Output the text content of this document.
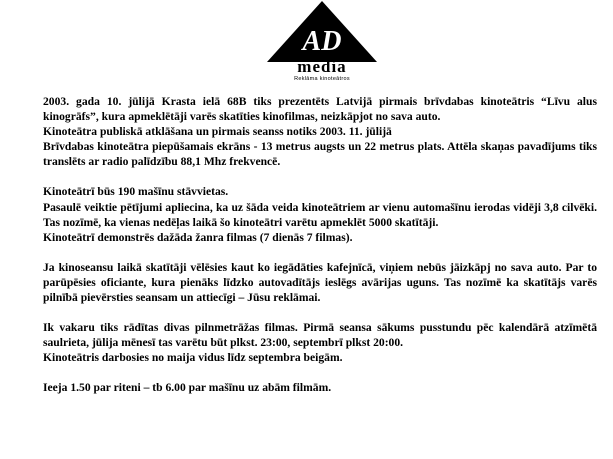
AD
media
Reklāma kinoteātros

2003. gada 10. jūlijā Krasta ielā 68B tiks prezentēts Latvijā pirmais brīvdabas kinoteātris “Līvu alus kinogrāfs”, kura apmeklētāji varēs skatīties kinofilmas, neizkāpjot no sava auto.

Kinoteātra publiskā atklāšana un pirmais seanss notiks 2003. 11. jūlijā

Brīvdabas kinoteātra piepūšamais ekrāns - 13 metrus augsts un 22 metrus plats. Attēla skaņas pavadījums tiks translēts ar radio palīdzību 88,1 Mhz frekvencē.

Kinoteātrī būs 190 mašīnu stāvvietas.

Pasaulē veiktie pētījumi apliecina, ka uz šāda veida kinoteātriem ar vienu automašīnu ierodas vidēji 3,8 cilvēki. Tas nozīmē, ka vienas nedēļas laikā šo kinoteātri varētu apmeklēt 5000 skatītāji.

Kinoteātrī demonstrēs dažāda žanra filmas (7 dienās 7 filmas).

Ja kinoseansu laikā skatītāji vēlēsies kaut ko iegādāties kafejnīcā, viņiem nebūs jāizkāpj no sava auto. Par to parūpēsies oficiante, kura pienāks līdzko autovadītājs ieslēgs avārijas uguns. Tas nozīmē ka skatītājs varēs pilnībā pievērsties seansam un attiecīgi – Jūsu reklāmai.

Ik vakaru tiks rādītas divas pilnmetrāžas filmas. Pirmā seansa sākums pusstundu pēc kalendārā atzīmētā saulrieta, jūlija mēnesī tas varētu būt plkst. 23:00, septembrī plkst 20:00.

Kinoteātris darbosies no maija vidus līdz septembra beigām.

Ieeja 1.50 par riteni – tb 6.00 par mašīnu uz abām filmām.
